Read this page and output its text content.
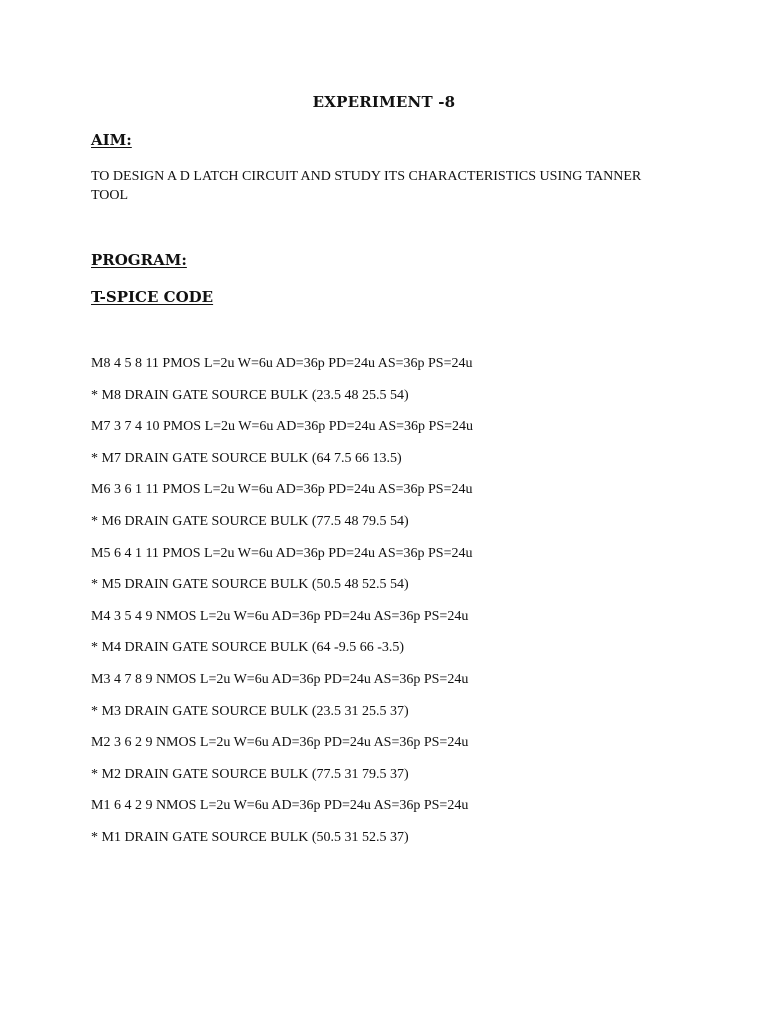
EXPERIMENT -8
AIM:
TO DESIGN A D LATCH CIRCUIT AND STUDY ITS CHARACTERISTICS USING TANNER TOOL
PROGRAM:
T-SPICE CODE
M8 4 5 8 11 PMOS L=2u W=6u AD=36p PD=24u AS=36p PS=24u
* M8 DRAIN GATE SOURCE BULK (23.5 48 25.5 54)
M7 3 7 4 10 PMOS L=2u W=6u AD=36p PD=24u AS=36p PS=24u
* M7 DRAIN GATE SOURCE BULK (64 7.5 66 13.5)
M6 3 6 1 11 PMOS L=2u W=6u AD=36p PD=24u AS=36p PS=24u
* M6 DRAIN GATE SOURCE BULK (77.5 48 79.5 54)
M5 6 4 1 11 PMOS L=2u W=6u AD=36p PD=24u AS=36p PS=24u
* M5 DRAIN GATE SOURCE BULK (50.5 48 52.5 54)
M4 3 5 4 9 NMOS L=2u W=6u AD=36p PD=24u AS=36p PS=24u
* M4 DRAIN GATE SOURCE BULK (64 -9.5 66 -3.5)
M3 4 7 8 9 NMOS L=2u W=6u AD=36p PD=24u AS=36p PS=24u
* M3 DRAIN GATE SOURCE BULK (23.5 31 25.5 37)
M2 3 6 2 9 NMOS L=2u W=6u AD=36p PD=24u AS=36p PS=24u
* M2 DRAIN GATE SOURCE BULK (77.5 31 79.5 37)
M1 6 4 2 9 NMOS L=2u W=6u AD=36p PD=24u AS=36p PS=24u
* M1 DRAIN GATE SOURCE BULK (50.5 31 52.5 37)
